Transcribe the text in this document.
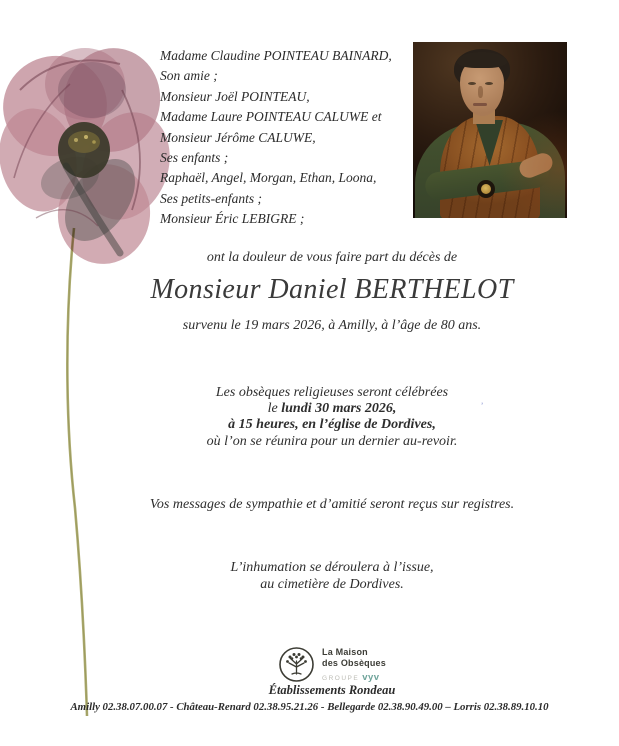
Madame Claudine POINTEAU BAINARD,
Son amie ;
Monsieur Joël POINTEAU,
Madame Laure POINTEAU CALUWE et
Monsieur Jérôme CALUWE,
Ses enfants ;
Raphaël, Angel, Morgan, Ethan, Loona,
Ses petits-enfants ;
Monsieur Éric LEBIGRE ;
ont la douleur de vous faire part du décès de
Monsieur Daniel BERTHELOT
survenu le 19 mars 2026, à Amilly, à l’âge de 80 ans.
Les obsèques religieuses seront célébrées
le lundi 30 mars 2026,
à 15 heures, en l’église de Dordives,
où l’on se réunira pour un dernier au-revoir.
Vos messages de sympathie et d’amitié seront reçus sur registres.
L’inhumation se déroulera à l’issue,
au cimetière de Dordives.
’
La Maison
des Obsèques
GROUPE vyv
Établissements Rondeau
Amilly 02.38.07.00.07 - Château-Renard 02.38.95.21.26 - Bellegarde 02.38.90.49.00 – Lorris 02.38.89.10.10
